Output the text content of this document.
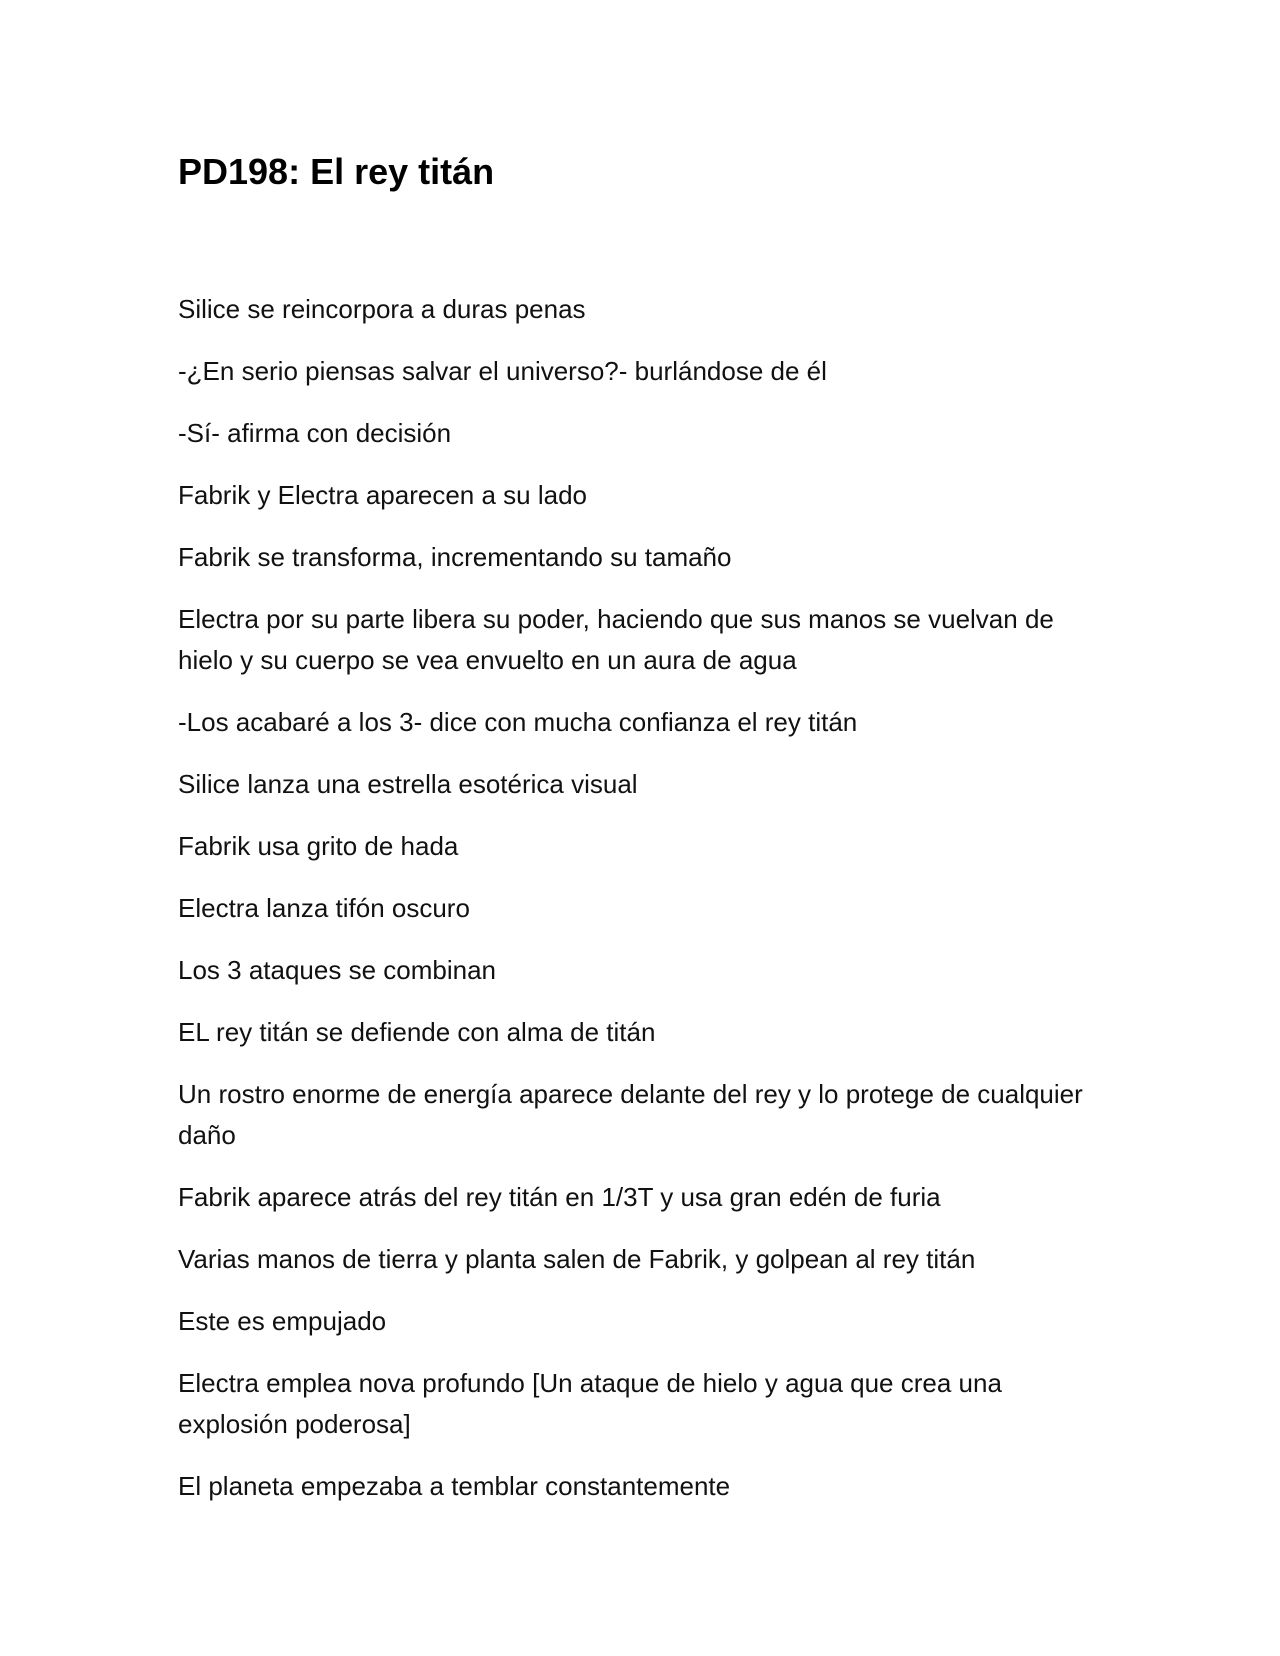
PD198: El rey titán

Silice se reincorpora a duras penas

-¿En serio piensas salvar el universo?- burlándose de él

-Sí- afirma con decisión

Fabrik y Electra aparecen a su lado

Fabrik se transforma, incrementando su tamaño

Electra por su parte libera su poder, haciendo que sus manos se vuelvan de hielo y su cuerpo se vea envuelto en un aura de agua

-Los acabaré a los 3- dice con mucha confianza el rey titán

Silice lanza una estrella esotérica visual

Fabrik usa grito de hada

Electra lanza tifón oscuro

Los 3 ataques se combinan

EL rey titán se defiende con alma de titán

Un rostro enorme de energía aparece delante del rey y lo protege de cualquier daño

Fabrik aparece atrás del rey titán en 1/3T y usa gran edén de furia

Varias manos de tierra y planta salen de Fabrik, y golpean al rey titán

Este es empujado

Electra emplea nova profundo [Un ataque de hielo y agua que crea una explosión poderosa]

El planeta empezaba a temblar constantemente
